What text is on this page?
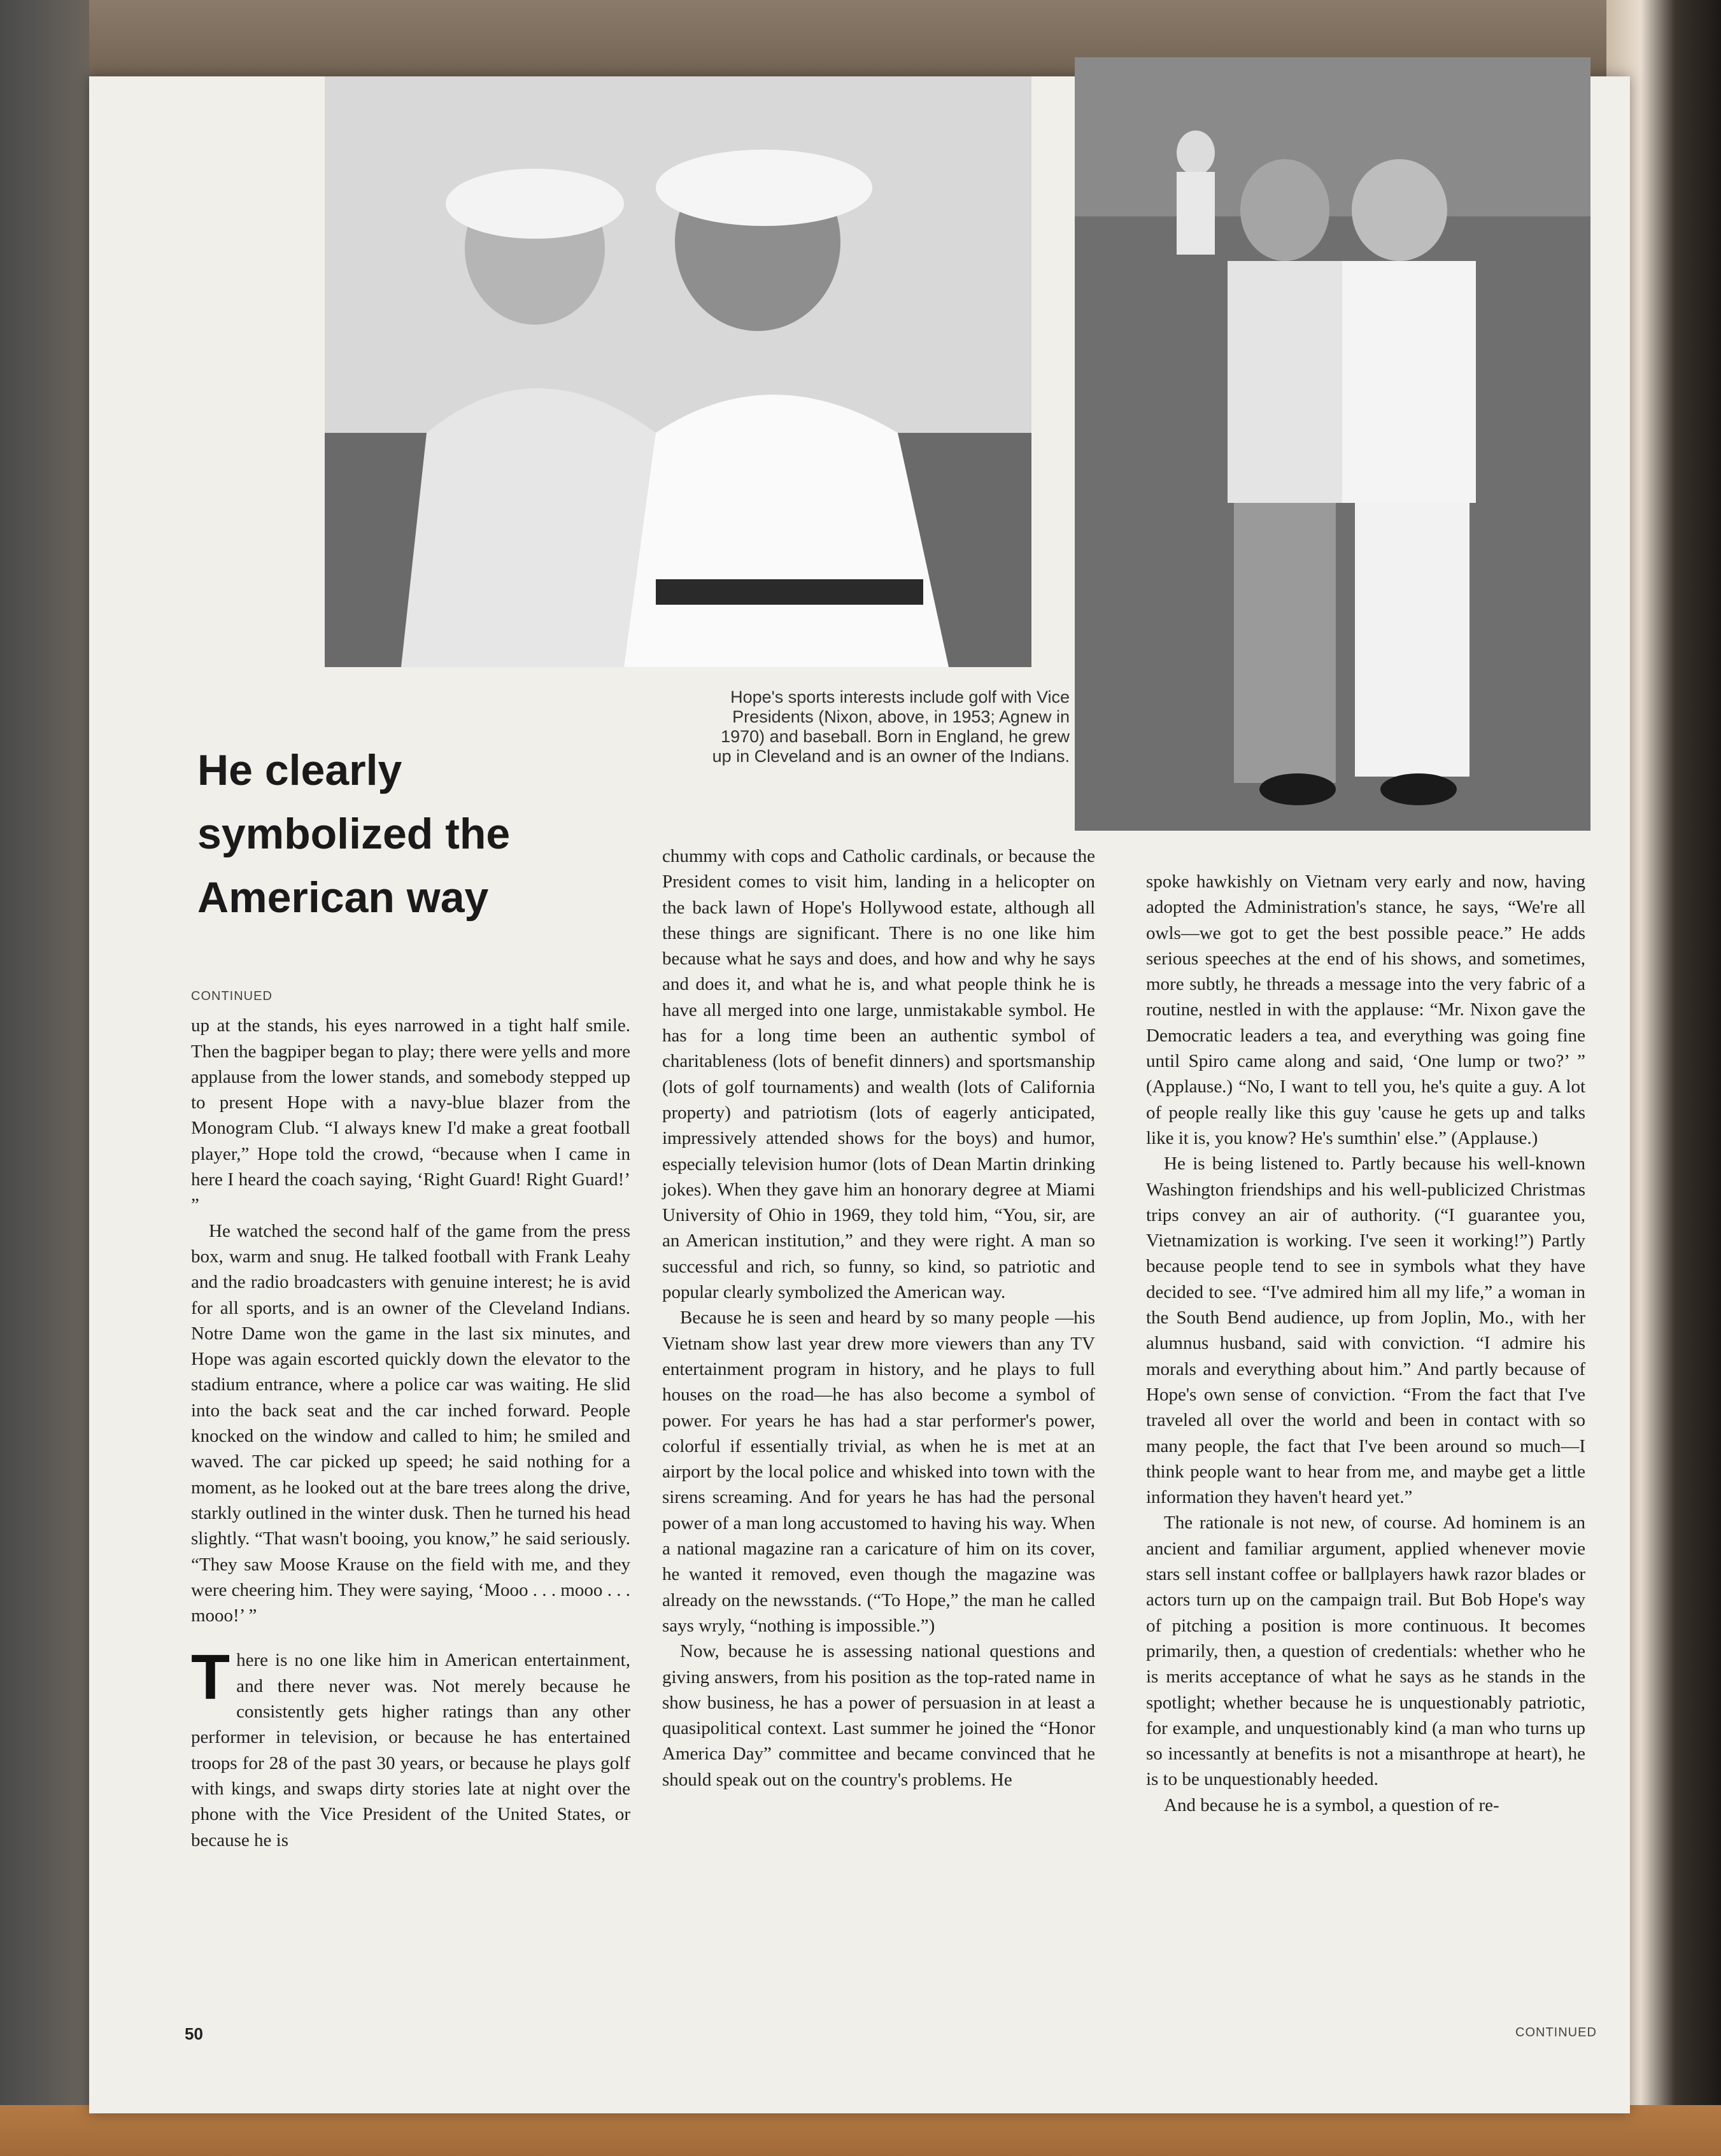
Hope's sports interests include golf with Vice Presidents (Nixon, above, in 1953; Agnew in 1970) and baseball. Born in England, he grew up in Cleveland and is an owner of the Indians.
He clearly symbolized the American way
CONTINUED

up at the stands, his eyes narrowed in a tight half smile. Then the bagpiper began to play; there were yells and more applause from the lower stands, and somebody stepped up to present Hope with a navy-blue blazer from the Monogram Club. “I always knew I'd make a great football player,” Hope told the crowd, “because when I came in here I heard the coach saying, ‘Right Guard! Right Guard!’ ”

He watched the second half of the game from the press box, warm and snug. He talked football with Frank Leahy and the radio broadcasters with genuine interest; he is avid for all sports, and is an owner of the Cleveland Indians. Notre Dame won the game in the last six minutes, and Hope was again escorted quickly down the elevator to the stadium entrance, where a police car was waiting. He slid into the back seat and the car inched forward. People knocked on the window and called to him; he smiled and waved. The car picked up speed; he said nothing for a moment, as he looked out at the bare trees along the drive, starkly outlined in the winter dusk. Then he turned his head slightly. “That wasn't booing, you know,” he said seriously. “They saw Moose Krause on the field with me, and they were cheering him. They were saying, ‘Mooo . . . mooo . . . mooo!’ ”

There is no one like him in American entertainment, and there never was. Not merely because he consistently gets higher ratings than any other performer in television, or because he has entertained troops for 28 of the past 30 years, or because he plays golf with kings, and swaps dirty stories late at night over the phone with the Vice President of the United States, or because he is

chummy with cops and Catholic cardinals, or because the President comes to visit him, landing in a helicopter on the back lawn of Hope's Hollywood estate, although all these things are significant. There is no one like him because what he says and does, and how and why he says and does it, and what he is, and what people think he is have all merged into one large, unmistakable symbol. He has for a long time been an authentic symbol of charitableness (lots of benefit dinners) and sportsmanship (lots of golf tournaments) and wealth (lots of California property) and patriotism (lots of eagerly anticipated, impressively attended shows for the boys) and humor, especially television humor (lots of Dean Martin drinking jokes). When they gave him an honorary degree at Miami University of Ohio in 1969, they told him, “You, sir, are an American institution,” and they were right. A man so successful and rich, so funny, so kind, so patriotic and popular clearly symbolized the American way.

Because he is seen and heard by so many people —his Vietnam show last year drew more viewers than any TV entertainment program in history, and he plays to full houses on the road—he has also become a symbol of power. For years he has had a star performer's power, colorful if essentially trivial, as when he is met at an airport by the local police and whisked into town with the sirens screaming. And for years he has had the personal power of a man long accustomed to having his way. When a national magazine ran a caricature of him on its cover, he wanted it removed, even though the magazine was already on the newsstands. (“To Hope,” the man he called says wryly, “nothing is impossible.”)

Now, because he is assessing national questions and giving answers, from his position as the top-rated name in show business, he has a power of persuasion in at least a quasipolitical context. Last summer he joined the “Honor America Day” committee and became convinced that he should speak out on the country's problems. He

spoke hawkishly on Vietnam very early and now, having adopted the Administration's stance, he says, “We're all owls—we got to get the best possible peace.” He adds serious speeches at the end of his shows, and sometimes, more subtly, he threads a message into the very fabric of a routine, nestled in with the applause: “Mr. Nixon gave the Democratic leaders a tea, and everything was going fine until Spiro came along and said, ‘One lump or two?’ ” (Applause.) “No, I want to tell you, he's quite a guy. A lot of people really like this guy 'cause he gets up and talks like it is, you know? He's sumthin' else.” (Applause.)

He is being listened to. Partly because his well-known Washington friendships and his well-publicized Christmas trips convey an air of authority. (“I guarantee you, Vietnamization is working. I've seen it working!”) Partly because people tend to see in symbols what they have decided to see. “I've admired him all my life,” a woman in the South Bend audience, up from Joplin, Mo., with her alumnus husband, said with conviction. “I admire his morals and everything about him.” And partly because of Hope's own sense of conviction. “From the fact that I've traveled all over the world and been in contact with so many people, the fact that I've been around so much—I think people want to hear from me, and maybe get a little information they haven't heard yet.”

The rationale is not new, of course. Ad hominem is an ancient and familiar argument, applied whenever movie stars sell instant coffee or ballplayers hawk razor blades or actors turn up on the campaign trail. But Bob Hope's way of pitching a position is more continuous. It becomes primarily, then, a question of credentials: whether who he is merits acceptance of what he says as he stands in the spotlight; whether because he is unquestionably patriotic, for example, and unquestionably kind (a man who turns up so incessantly at benefits is not a misanthrope at heart), he is to be unquestionably heeded.

And because he is a symbol, a question of re-

50	CONTINUED
